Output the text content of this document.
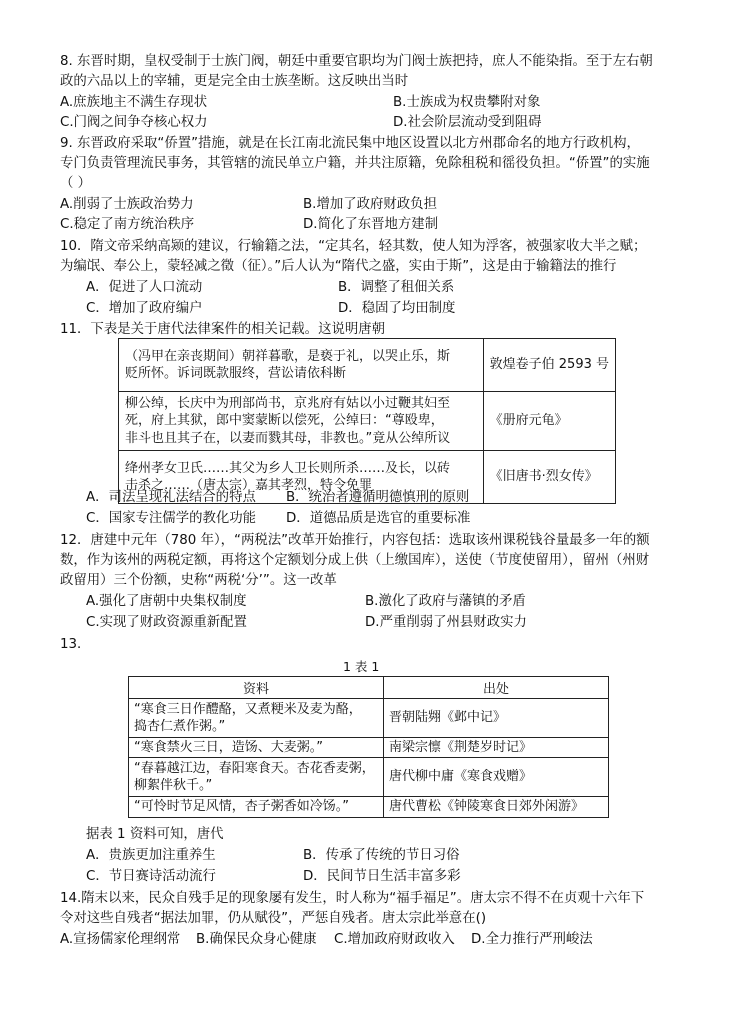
8. 东晋时期，皇权受制于士族门阀，朝廷中重要官职均为门阀士族把持，庶人不能染指。至于左右朝
政的六品以上的宰辅，更是完全由士族垄断。这反映出当时
A.庶族地主不满生存现状	B.士族成为权贵攀附对象
C.门阀之间争夺核心权力	D.社会阶层流动受到阻碍
9. 东晋政府采取“侨置”措施，就是在长江南北流民集中地区设置以北方州郡命名的地方行政机构，
专门负责管理流民事务，其管辖的流民单立户籍，并共注原籍，免除租税和徭役负担。“侨置”的实施
（ ）
A.削弱了士族政治势力	B.增加了政府财政负担
C.稳定了南方统治秩序	D.简化了东晋地方建制
10．隋文帝采纳高颎的建议，行输籍之法，“定其名，轻其数，使人知为浮客，被强家收大半之赋；
为编氓、奉公上，蒙轻减之徵（征）。”后人认为“隋代之盛，实由于斯”，这是由于输籍法的推行
A．促进了人口流动	B．调整了租佃关系
C．增加了政府编户	D．稳固了均田制度
11．下表是关于唐代法律案件的相关记载。这说明唐朝
（冯甲在亲丧期间）朝祥暮歌，是亵于礼，以哭止乐，斯
贬所怀。诉词既款服终，营讼请依科断	敦煌卷子伯 2593 号

柳公绰，长庆中为刑部尚书，京兆府有姑以小过鞭其妇至
死，府上其狱，郎中窦蒙断以偿死，公绰曰：“尊殴卑，
非斗也且其子在，以妻而戮其母，非教也。”竟从公绰所议	《册府元龟》

绛州孝女卫氏……其父为乡人卫长则所杀……及长，以砖
击杀之……（唐太宗）嘉其孝烈，特令免罪	《旧唐书·烈女传》
A．司法呈现礼法结合的特点 B．统治者遵循明德慎刑的原则
C．国家专注儒学的教化功能 D．道德品质是选官的重要标准
12．唐建中元年（780 年），“两税法”改革开始推行，内容包括：选取该州课税钱谷量最多一年的额
数，作为该州的两税定额，再将这个定额划分成上供（上缴国库），送使（节度使留用），留州（州财
政留用）三个份额，史称“两税‘分’”。这一改革
A.强化了唐朝中央集权制度	B.激化了政府与藩镇的矛盾
C.实现了财政资源重新配置	D.严重削弱了州县财政实力
13．
1 表 1
资料	出处

“寒食三日作醴酪，又煮粳米及麦为酪，
捣杏仁煮作粥。”	晋朝陆翙《邺中记》
“寒食禁火三日，造饧、大麦粥。”	南梁宗懔《荆楚岁时记》

“春暮越江边，春阳寒食天。杏花香麦粥，
柳絮伴秋千。”	唐代柳中庸《寒食戏赠》
“可怜时节足风情，杏子粥香如冷饧。”	唐代曹松《钟陵寒食日郊外闲游》
据表 1 资料可知，唐代
A．贵族更加注重养生	B．传承了传统的节日习俗
C．节日赛诗活动流行	D．民间节日生活丰富多彩
14.隋末以来，民众自残手足的现象屡有发生，时人称为“福手福足”。唐太宗不得不在贞观十六年下
令对这些自残者“据法加罪，仍从赋役”，严惩自残者。唐太宗此举意在()
A.宣扬儒家伦理纲常 B.确保民众身心健康 C.增加政府财政收入 D.全力推行严刑峻法
